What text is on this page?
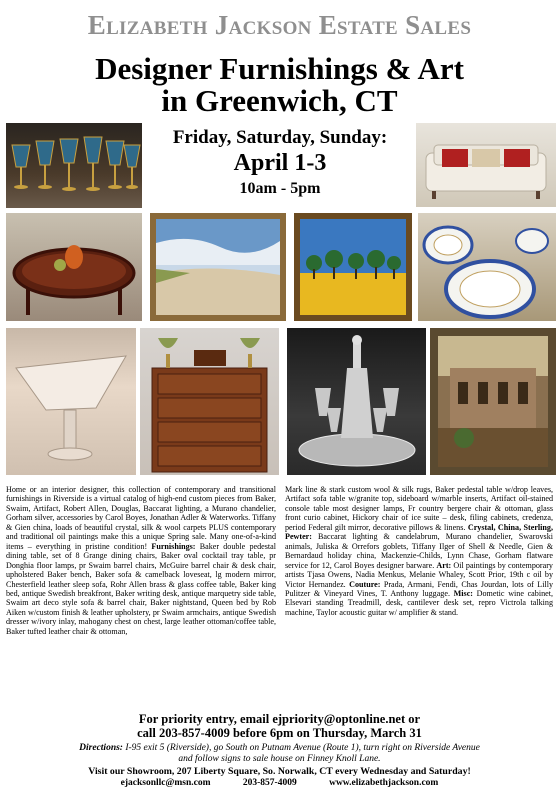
Elizabeth Jackson Estate Sales
Designer Furnishings & Art
in Greenwich, CT
Friday, Saturday, Sunday:
April 1-3
10am - 5pm
Home or an interior designer, this collection of contemporary and transitional furnishings in Riverside is a virtual catalog of high-end custom pieces from Baker, Swaim, Artifact, Robert Allen, Douglas, Baccarat lighting, a Murano chandelier, Gorham silver, accessories by Carol Boyes, Jonathan Adler & Waterworks. Tiffany & Gien china, loads of beautiful crystal, silk & wool carpets PLUS contemporary and traditional oil paintings make this a unique Spring sale. Many one-of-a-kind items – everything in pristine condition! Furnishings: Baker double pedestal dining table, set of 8 Grange dining chairs, Baker oval cocktail tray table, pr Donghia floor lamps, pr Swaim barrel chairs, McGuire barrel chair & desk chair, upholstered Baker bench, Baker sofa & camelback loveseat, lg modern mirror, Chesterfield leather sleep sofa, Rohr Allen brass & glass coffee table, Baker king bed, antique Swedish breakfront, Baker writing desk, antique marquetry side table, Swaim art deco style sofa & barrel chair, Baker nightstand, Queen bed by Rob Aiken w/custom finish & leather upholstery, pr Swaim armchairs, antique Swedish dresser w/ivory inlay, mahogany chest on chest, large leather ottoman/coffee table, Baker tufted leather chair & ottoman,
Mark line & stark custom wool & silk rugs, Baker pedestal table w/drop leaves, Artifact sofa table w/granite top, sideboard w/marble inserts, Artifact oil-stained console table most designer lamps, Fr country bergere chair & ottoman, glass front curio cabinet, Hickory chair of ice suite – desk, filing cabinets, credenza, period Federal gilt mirror, decorative pillows & linens. Crystal, China, Sterling, Pewter: Baccarat lighting & candelabrum, Murano chandelier, Swarovski animals, Juliska & Orrefors goblets, Tiffany Ilger of Shell & Needle, Gien & Bernardaud holiday china, Mackenzie-Childs, Lynn Chase, Gorham flatware service for 12, Carol Boyes designer barware. Art: Oil paintings by contemporary artists Tjasa Owens, Nadia Menkus, Melanie Whaley, Scott Prior, 19th c oil by Victor Hernandez. Couture: Prada, Armani, Fendi, Chas Jourdan, lots of Lilly Pulitzer & Vineyard Vines, T. Anthony luggage. Misc: Dometic wine cabinet, Elsevari standing Treadmill, desk, cantilever desk set, repro Victrola talking machine, Taylor acoustic guitar w/ amplifier & stand.
For priority entry, email ejpriority@optonline.net or
call 203-857-4009 before 6pm on Thursday, March 31
Directions: I-95 exit 5 (Riverside), go South on Putnam Avenue (Route 1), turn right on Riverside Avenue
and follow signs to sale house on Finney Knoll Lane.
Visit our Showroom, 207 Liberty Square, So. Norwalk, CT every Wednesday and Saturday!
ejacksonllc@msn.com	203-857-4009	www.elizabethjackson.com
